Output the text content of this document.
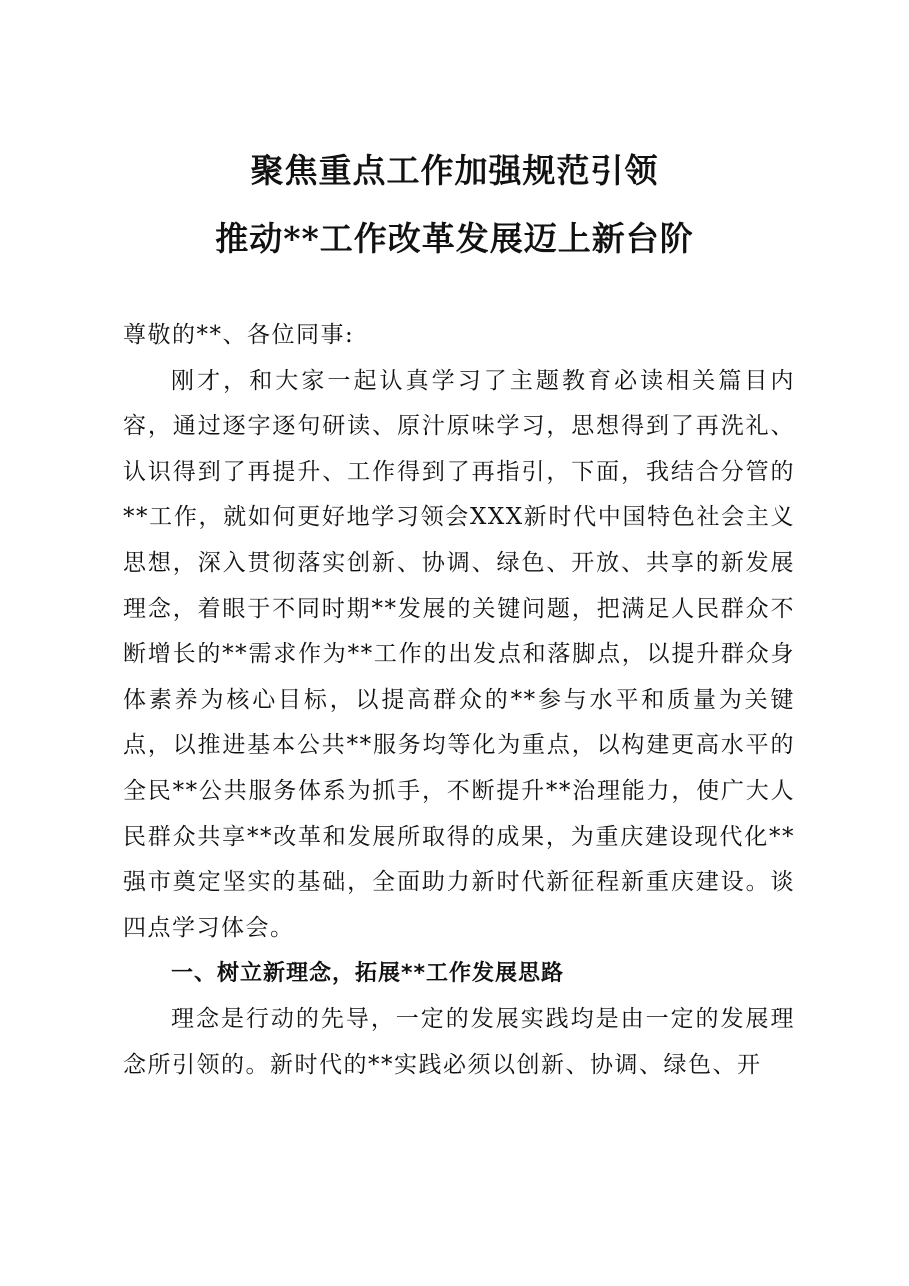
聚焦重点工作加强规范引领
推动**工作改革发展迈上新台阶

尊敬的**、各位同事:

刚才，和大家一起认真学习了主题教育必读相关篇目内容，通过逐字逐句研读、原汁原味学习，思想得到了再洗礼、认识得到了再提升、工作得到了再指引，下面，我结合分管的**工作，就如何更好地学习领会XXX新时代中国特色社会主义思想，深入贯彻落实创新、协调、绿色、开放、共享的新发展理念，着眼于不同时期**发展的关键问题，把满足人民群众不断增长的**需求作为**工作的出发点和落脚点，以提升群众身体素养为核心目标，以提高群众的**参与水平和质量为关键点，以推进基本公共**服务均等化为重点，以构建更高水平的全民**公共服务体系为抓手，不断提升**治理能力，使广大人民群众共享**改革和发展所取得的成果，为重庆建设现代化**强市奠定坚实的基础，全面助力新时代新征程新重庆建设。谈四点学习体会。

一、树立新理念，拓展**工作发展思路

理念是行动的先导，一定的发展实践均是由一定的发展理念所引领的。新时代的**实践必须以创新、协调、绿色、开
